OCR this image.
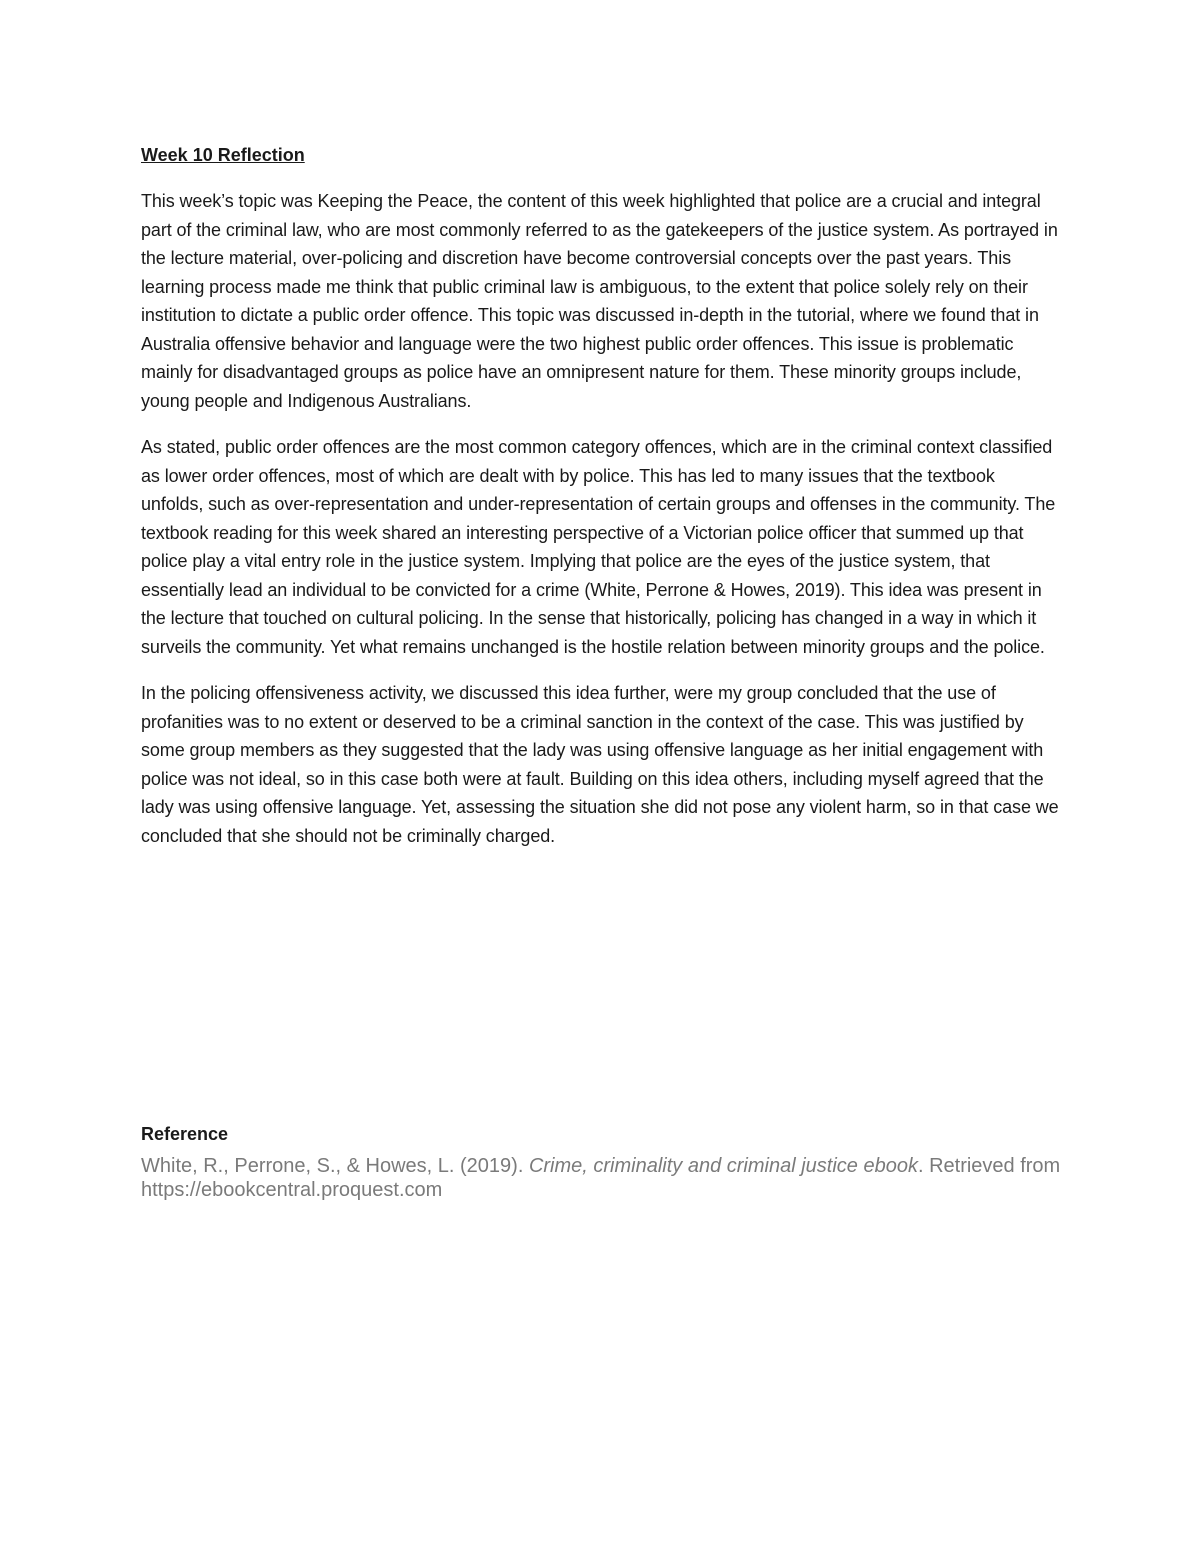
Week 10 Reflection

This week’s topic was Keeping the Peace, the content of this week highlighted that police are a crucial and integral part of the criminal law, who are most commonly referred to as the gatekeepers of the justice system. As portrayed in the lecture material, over-policing and discretion have become controversial concepts over the past years. This learning process made me think that public criminal law is ambiguous, to the extent that police solely rely on their institution to dictate a public order offence. This topic was discussed in-depth in the tutorial, where we found that in Australia offensive behavior and language were the two highest public order offences. This issue is problematic mainly for disadvantaged groups as police have an omnipresent nature for them. These minority groups include, young people and Indigenous Australians.

As stated, public order offences are the most common category offences, which are in the criminal context classified as lower order offences, most of which are dealt with by police. This has led to many issues that the textbook unfolds, such as over-representation and under-representation of certain groups and offenses in the community. The textbook reading for this week shared an interesting perspective of a Victorian police officer that summed up that police play a vital entry role in the justice system. Implying that police are the eyes of the justice system, that essentially lead an individual to be convicted for a crime (White, Perrone & Howes, 2019). This idea was present in the lecture that touched on cultural policing. In the sense that historically, policing has changed in a way in which it surveils the community. Yet what remains unchanged is the hostile relation between minority groups and the police.

In the policing offensiveness activity, we discussed this idea further, were my group concluded that the use of profanities was to no extent or deserved to be a criminal sanction in the context of the case. This was justified by some group members as they suggested that the lady was using offensive language as her initial engagement with police was not ideal, so in this case both were at fault. Building on this idea others, including myself agreed that the lady was using offensive language. Yet, assessing the situation she did not pose any violent harm, so in that case we concluded that she should not be criminally charged.

Reference

White, R., Perrone, S., & Howes, L. (2019). Crime, criminality and criminal justice ebook. Retrieved from https://ebookcentral.proquest.com
